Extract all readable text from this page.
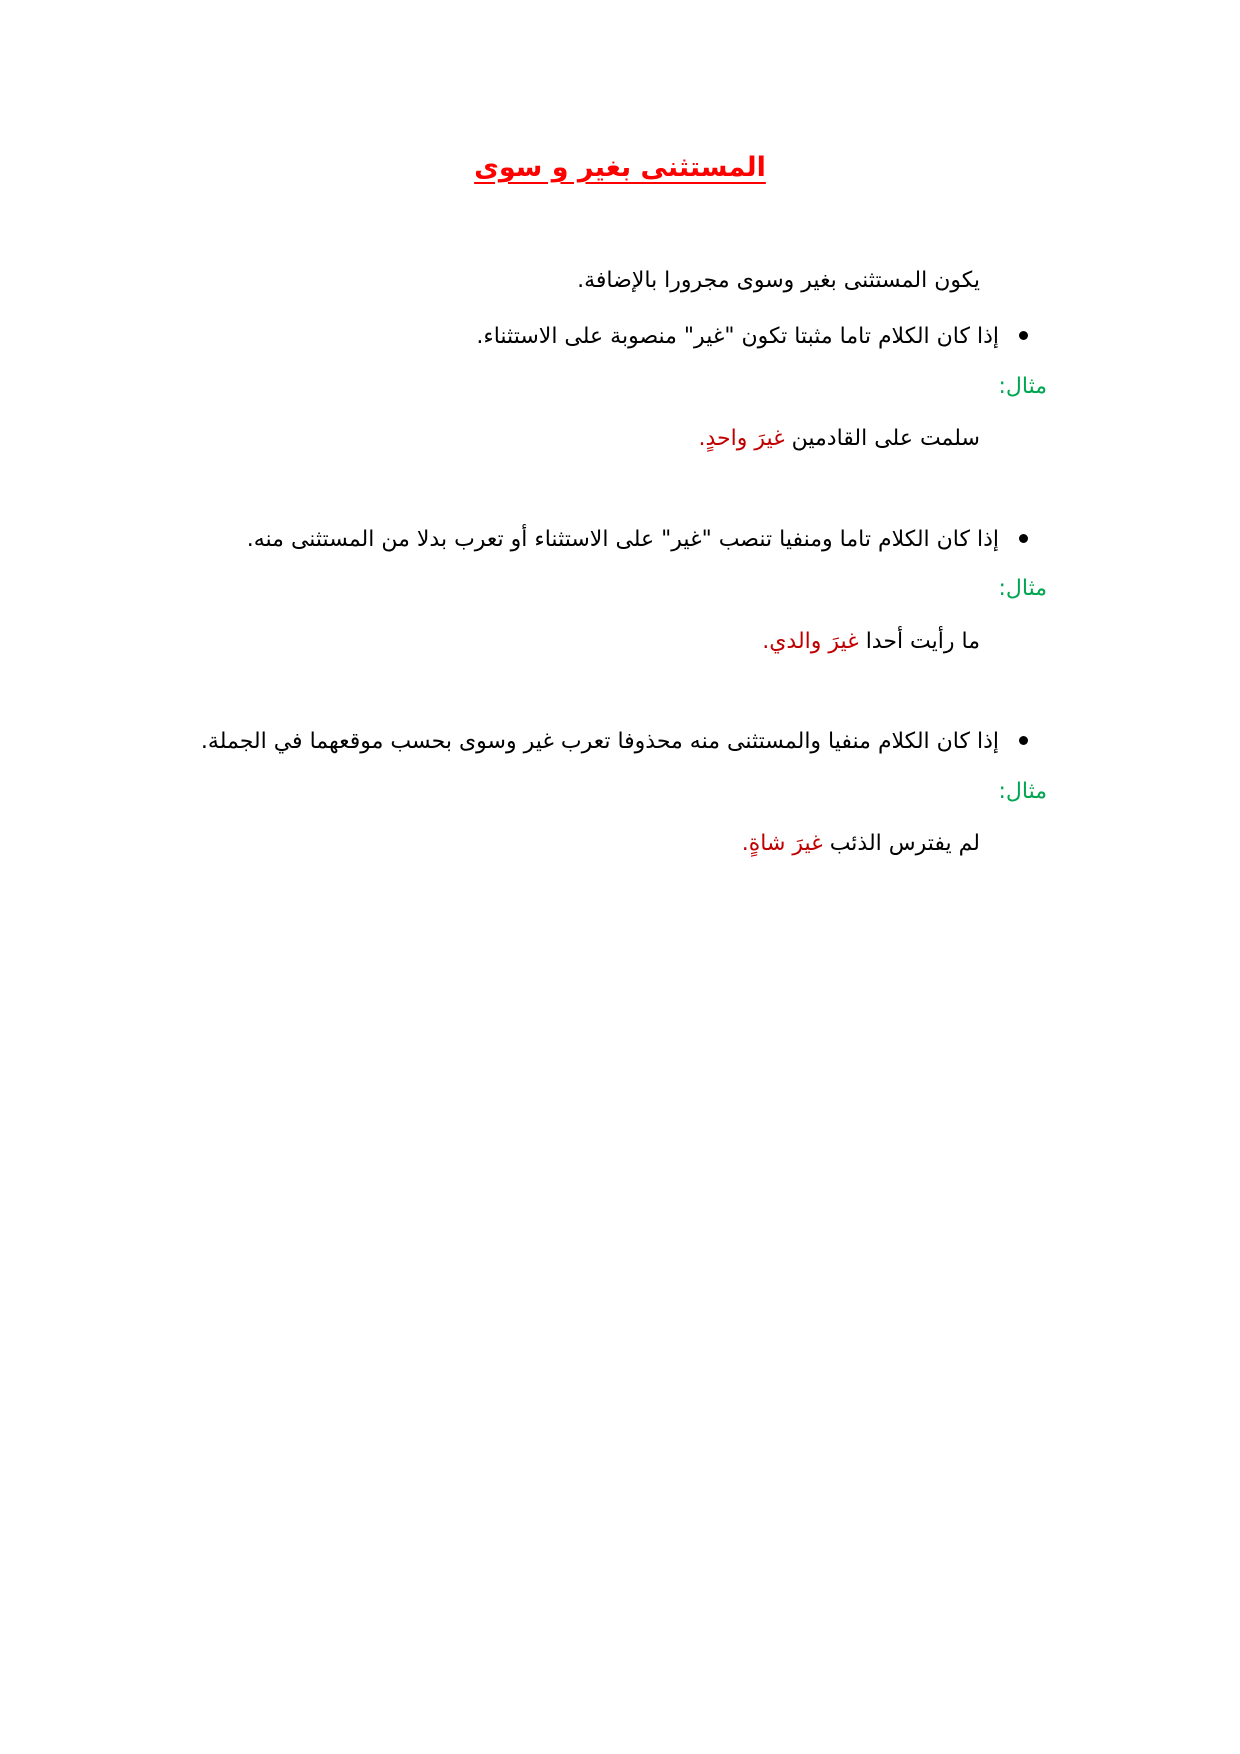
المستثنى بغير و سوى

يكون المستثنى بغير وسوى مجرورا بالإضافة.

إذا كان الكلام تاما مثبتا تكون "غير" منصوبة على الاستثناء.

مثال:

سلمت على القادمين غيرَ واحدٍ.

إذا كان الكلام تاما ومنفيا تنصب "غير" على الاستثناء أو تعرب بدلا من المستثنى منه.

مثال:

ما رأيت أحدا غيرَ والدي.

إذا كان الكلام منفيا والمستثنى منه محذوفا تعرب غير وسوى بحسب موقعهما في الجملة.

مثال:

لم يفترس الذئب غيرَ شاةٍ.
